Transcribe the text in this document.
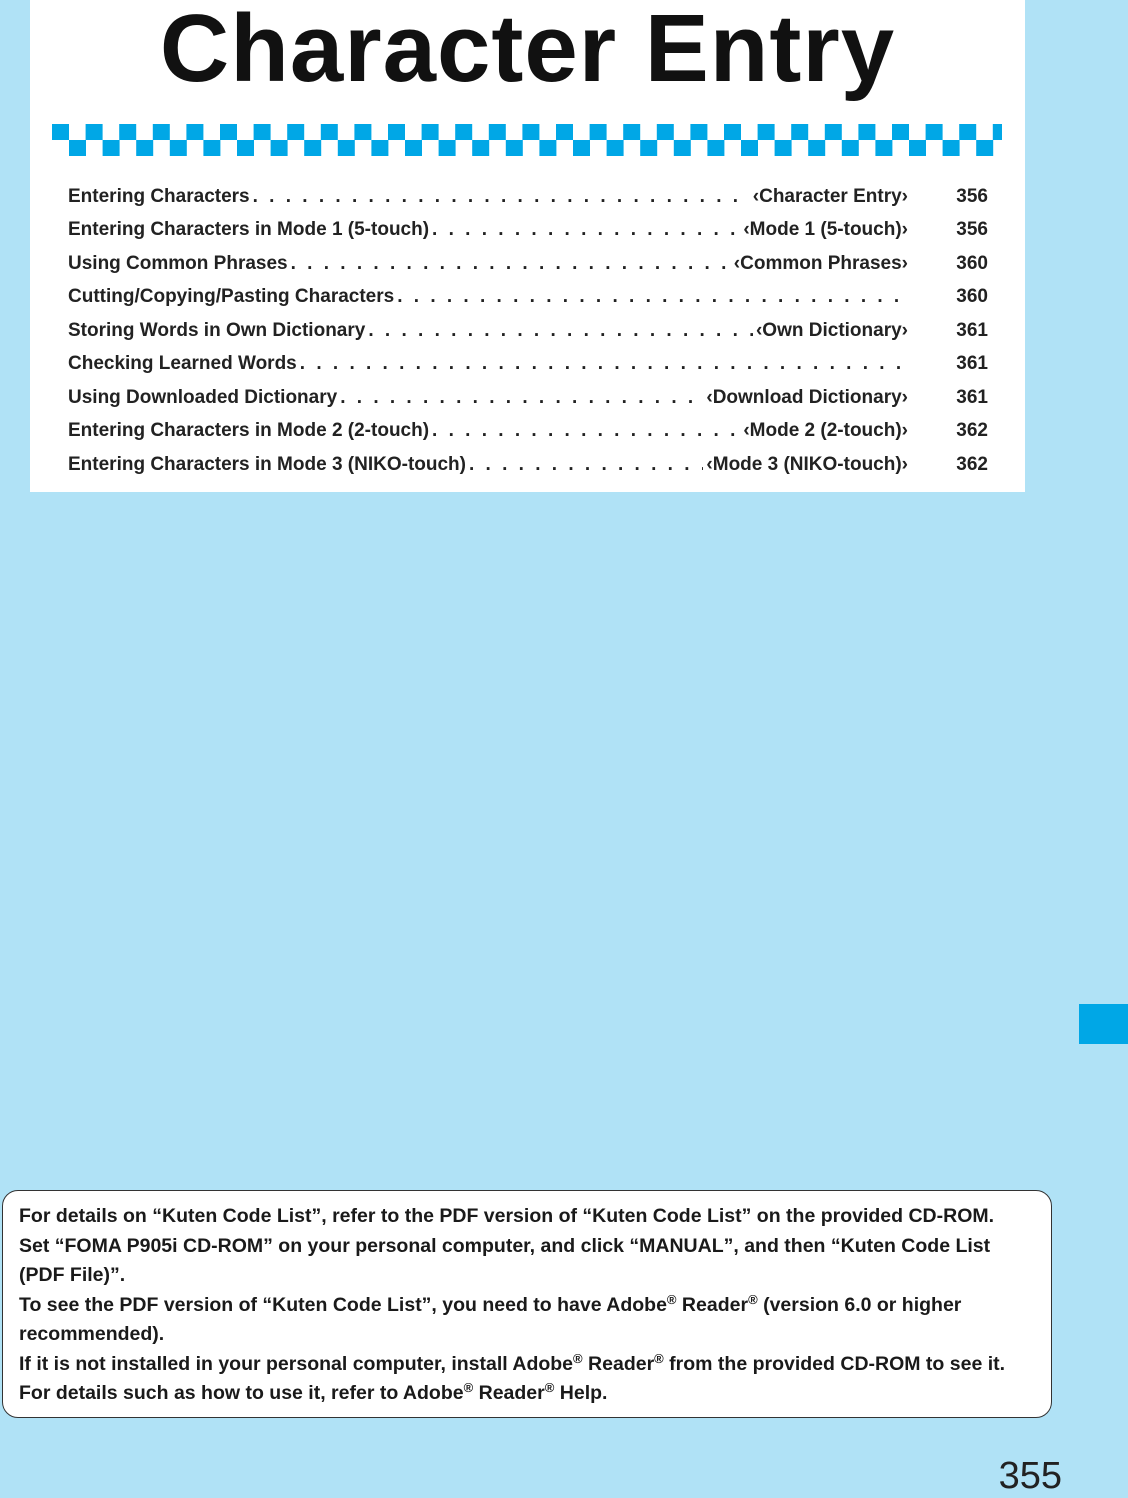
Character Entry
Entering Characters . . .	‹Character Entry›	356
Entering Characters in Mode 1 (5-touch) . . .	‹Mode 1 (5-touch)›	356
Using Common Phrases . . .	‹Common Phrases›	360
Cutting/Copying/Pasting Characters . . .	360
Storing Words in Own Dictionary . . .	‹Own Dictionary›	361
Checking Learned Words . . .	361
Using Downloaded Dictionary . . .	‹Download Dictionary›	361
Entering Characters in Mode 2 (2-touch) . . .	‹Mode 2 (2-touch)›	362
Entering Characters in Mode 3 (NIKO-touch) . . .	‹Mode 3 (NIKO-touch)›	362
For details on “Kuten Code List”, refer to the PDF version of “Kuten Code List” on the provided CD-ROM.
Set “FOMA P905i CD-ROM” on your personal computer, and click “MANUAL”, and then “Kuten Code List
(PDF File)”.
To see the PDF version of “Kuten Code List”, you need to have Adobe® Reader® (version 6.0 or higher
recommended).
If it is not installed in your personal computer, install Adobe® Reader® from the provided CD-ROM to see it.
For details such as how to use it, refer to Adobe® Reader® Help.
355
